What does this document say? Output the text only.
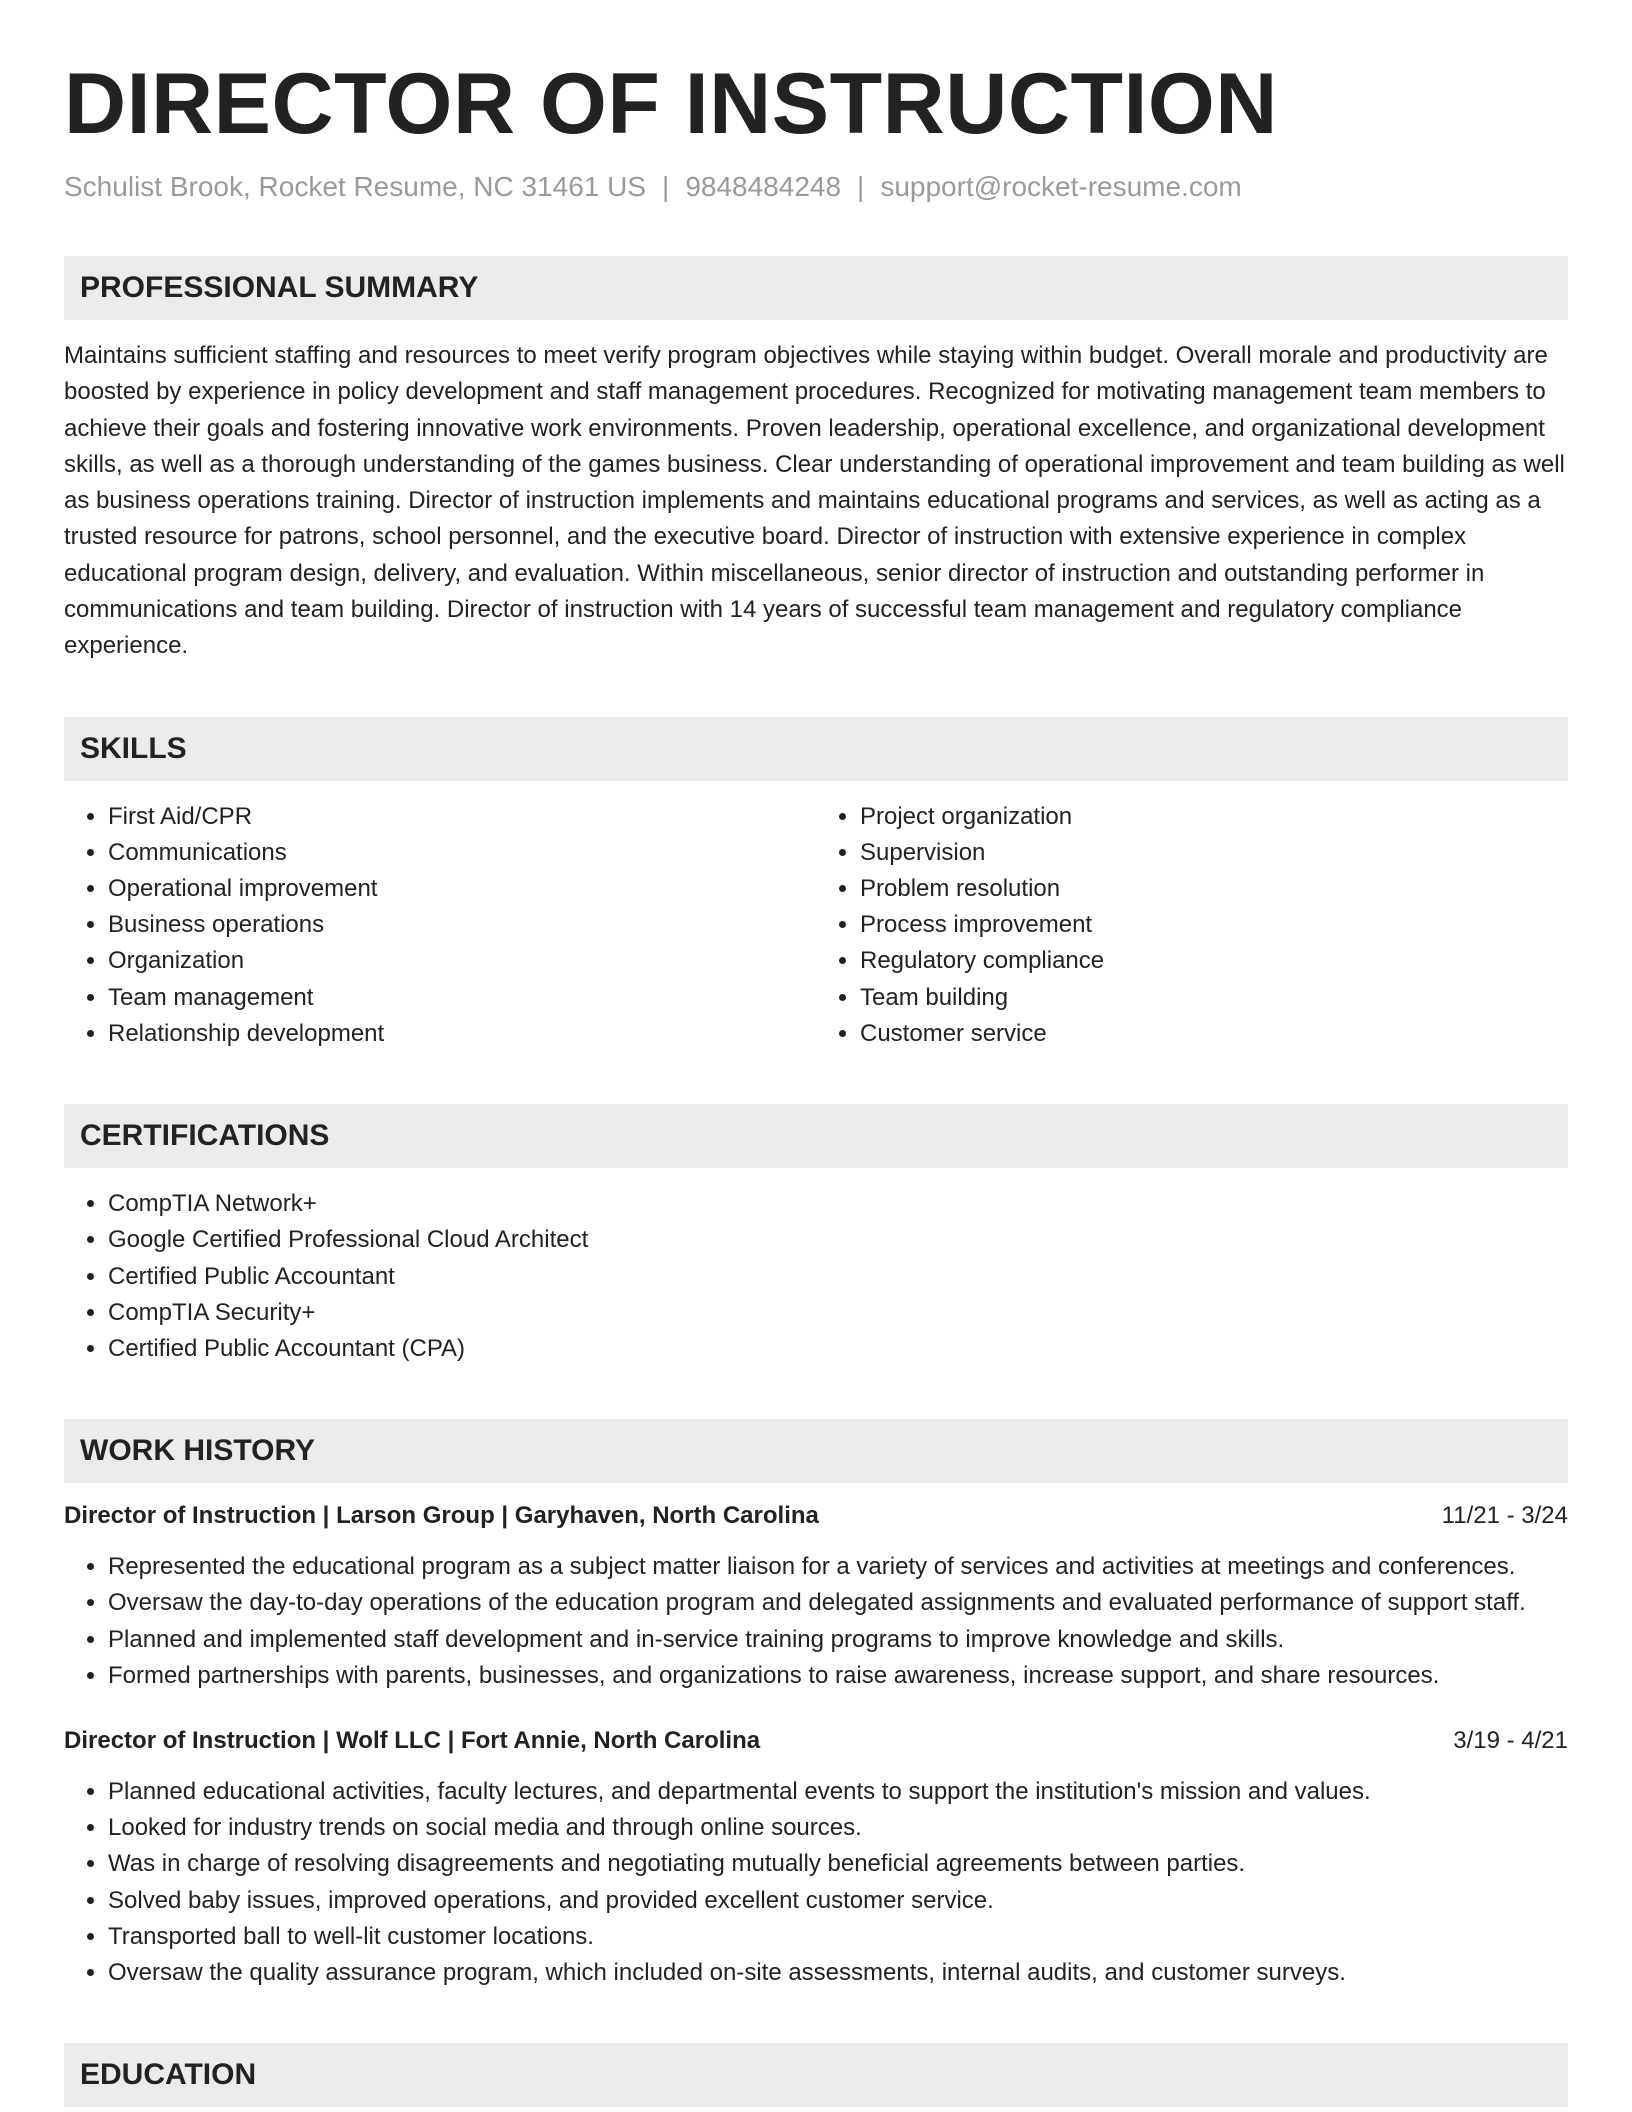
DIRECTOR OF INSTRUCTION
Schulist Brook, Rocket Resume, NC 31461 US | 9848484248 | support@rocket-resume.com
PROFESSIONAL SUMMARY

Maintains sufficient staffing and resources to meet verify program objectives while staying within budget. Overall morale and productivity are boosted by experience in policy development and staff management procedures. Recognized for motivating management team members to achieve their goals and fostering innovative work environments. Proven leadership, operational excellence, and organizational development skills, as well as a thorough understanding of the games business. Clear understanding of operational improvement and team building as well as business operations training. Director of instruction implements and maintains educational programs and services, as well as acting as a trusted resource for patrons, school personnel, and the executive board. Director of instruction with extensive experience in complex educational program design, delivery, and evaluation. Within miscellaneous, senior director of instruction and outstanding performer in communications and team building. Director of instruction with 14 years of successful team management and regulatory compliance experience.

SKILLS
• First Aid/CPR
• Communications
• Operational improvement
• Business operations
• Organization
• Team management
• Relationship development
• Project organization
• Supervision
• Problem resolution
• Process improvement
• Regulatory compliance
• Team building
• Customer service
CERTIFICATIONS
• CompTIA Network+
• Google Certified Professional Cloud Architect
• Certified Public Accountant
• CompTIA Security+
• Certified Public Accountant (CPA)
WORK HISTORY
Director of Instruction | Larson Group | Garyhaven, North Carolina	11/21 - 3/24
• Represented the educational program as a subject matter liaison for a variety of services and activities at meetings and conferences.
• Oversaw the day-to-day operations of the education program and delegated assignments and evaluated performance of support staff.
• Planned and implemented staff development and in-service training programs to improve knowledge and skills.
• Formed partnerships with parents, businesses, and organizations to raise awareness, increase support, and share resources.
Director of Instruction | Wolf LLC | Fort Annie, North Carolina	3/19 - 4/21
• Planned educational activities, faculty lectures, and departmental events to support the institution's mission and values.
• Looked for industry trends on social media and through online sources.
• Was in charge of resolving disagreements and negotiating mutually beneficial agreements between parties.
• Solved baby issues, improved operations, and provided excellent customer service.
• Transported ball to well-lit customer locations.
• Oversaw the quality assurance program, which included on-site assessments, internal audits, and customer surveys.
EDUCATION
